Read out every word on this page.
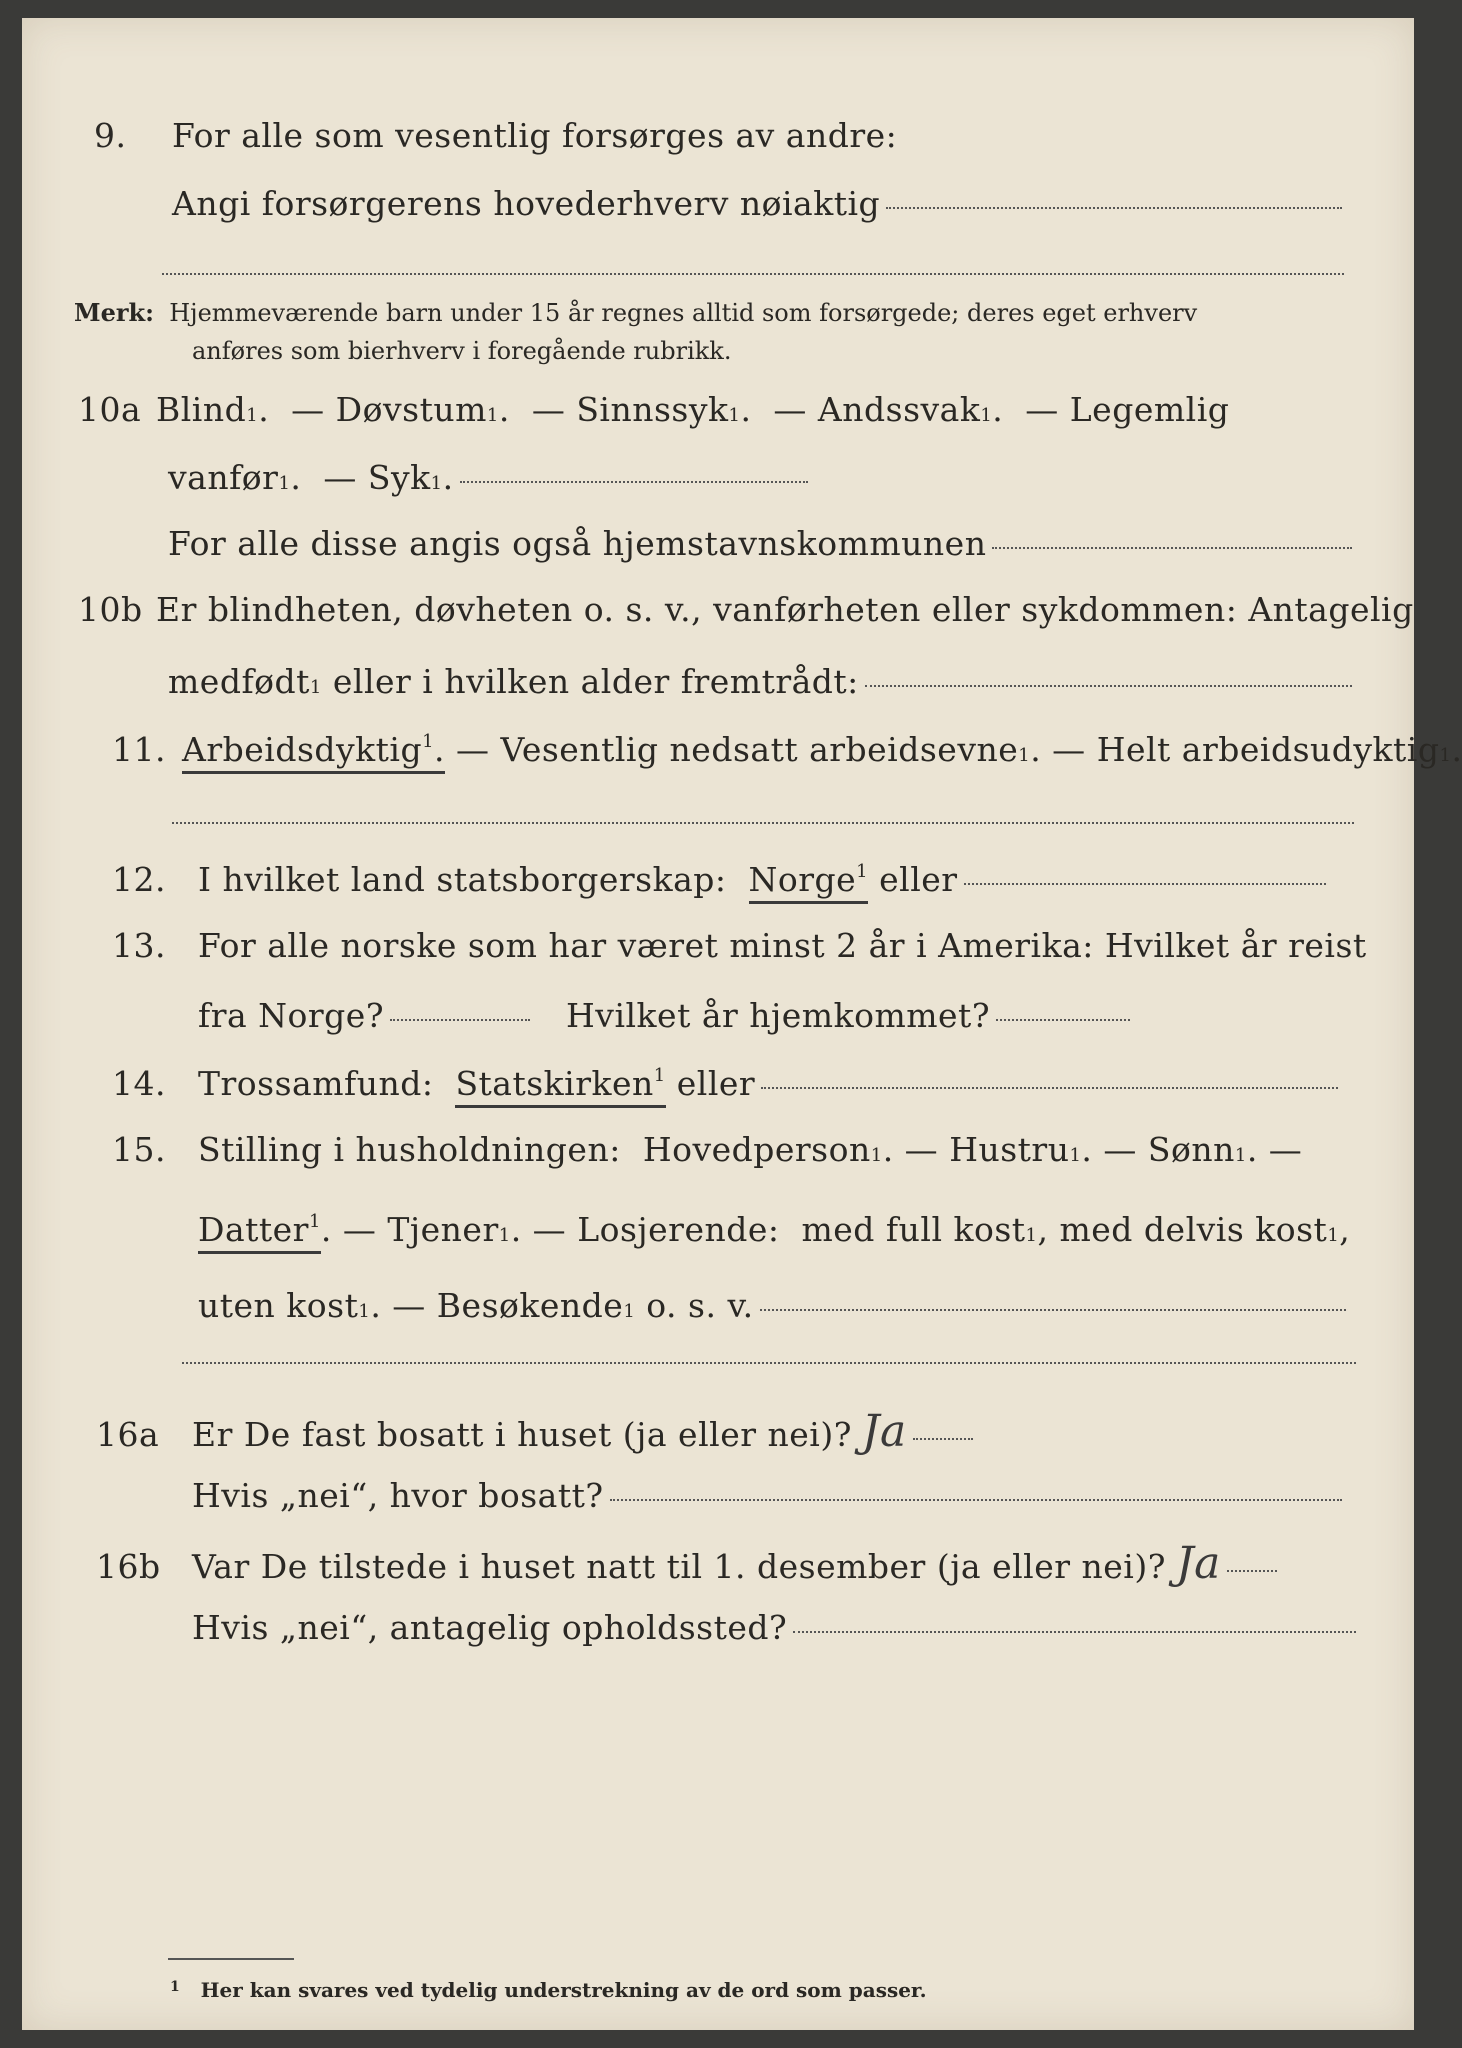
9.	For alle som vesentlig forsørges av andre:
Angi forsørgerens hovederhverv nøiaktig
Merk: Hjemmeværende barn under 15 år regnes alltid som forsørgede; deres eget erhverv
anføres som bierhverv i foregående rubrikk.
10a Blind 1 .  — Døvstum 1 .  — Sinnssyk 1 .  — Andssvak 1 .  — Legemlig
vanfør 1 .  — Syk 1 .
For alle disse angis også hjemstavnskommunen
10b Er blindheten, døvheten o. s. v., vanførheten eller sykdommen: Antagelig
medfødt 1
eller i hvilken alder fremtrådt:
11. Arbeidsdyktig$^1$. — Vesentlig nedsatt arbeidsevne 1 . — Helt arbeidsudyktig 1 .
12. I hvilket land statsborgerskap:
Norge$^1$
eller
13. For alle norske som har været minst 2 år i Amerika: Hvilket år reist
fra Norge?	Hvilket år hjemkommet?
14. Trossamfund:
Statskirken$^1$
eller
15. Stilling i husholdningen:
Hovedperson 1 . — Hustru 1 . — Sønn 1 . —
Datter$^1$ . — Tjener 1 . — Losjerende:
med full kost 1 , med delvis kost 1 ,
uten kost 1 . — Besøkende 1
o. s. v.
16a Er De fast bosatt i huset (ja eller nei)? Ja
Hvis „nei“, hvor bosatt?
16b Var De tilstede i huset natt til 1. desember (ja eller nei)? Ja
Hvis „nei“, antagelig opholdssted?
$^1$ Her kan svares ved tydelig understrekning av de ord som passer.
